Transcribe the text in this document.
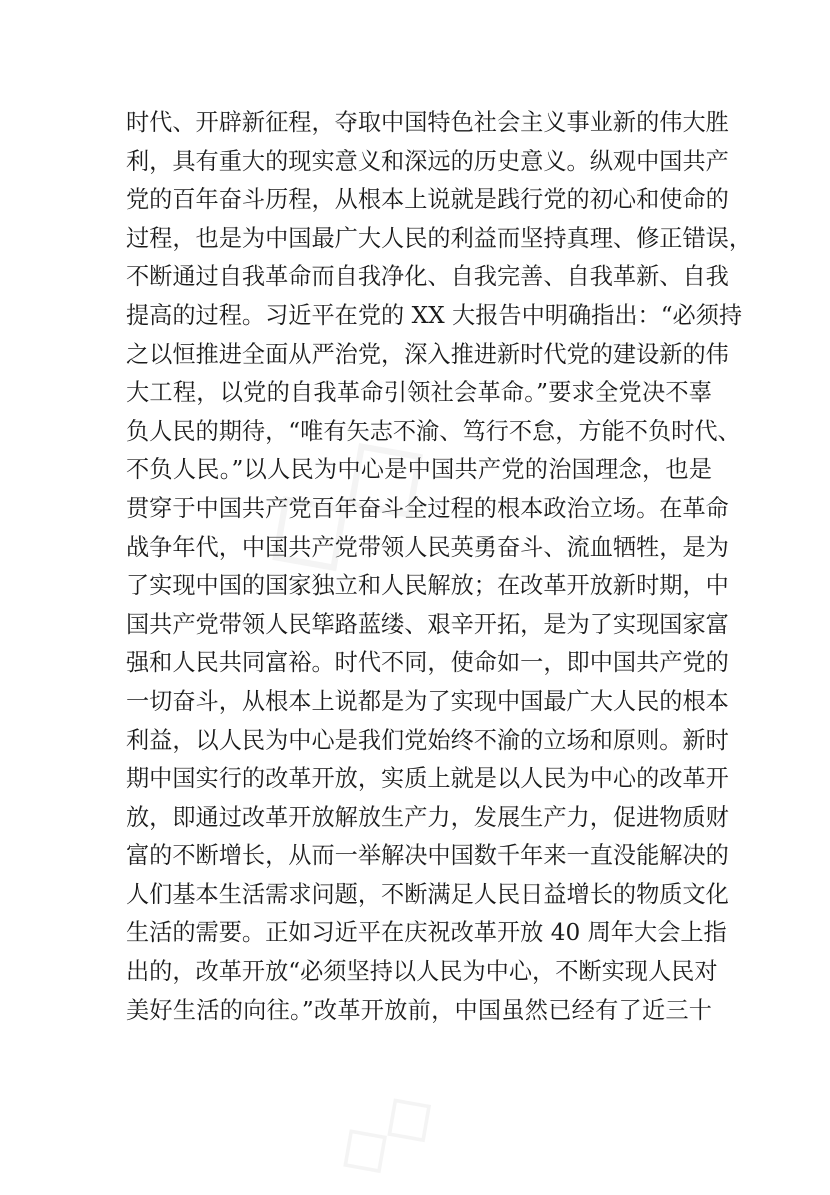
时代、开辟新征程，夺取中国特色社会主义事业新的伟大胜
利，具有重大的现实意义和深远的历史意义。纵观中国共产
党的百年奋斗历程，从根本上说就是践行党的初心和使命的
过程，也是为中国最广大人民的利益而坚持真理、修正错误，
不断通过自我革命而自我净化、自我完善、自我革新、自我
提高的过程。习近平在党的 XX 大报告中明确指出：“必须持
之以恒推进全面从严治党，深入推进新时代党的建设新的伟
大工程，以党的自我革命引领社会革命。”要求全党决不辜
负人民的期待，“唯有矢志不渝、笃行不怠，方能不负时代、
不负人民。”以人民为中心是中国共产党的治国理念，也是
贯穿于中国共产党百年奋斗全过程的根本政治立场。在革命
战争年代，中国共产党带领人民英勇奋斗、流血牺牲，是为
了实现中国的国家独立和人民解放；在改革开放新时期，中
国共产党带领人民筚路蓝缕、艰辛开拓，是为了实现国家富
强和人民共同富裕。时代不同，使命如一，即中国共产党的
一切奋斗，从根本上说都是为了实现中国最广大人民的根本
利益，以人民为中心是我们党始终不渝的立场和原则。新时
期中国实行的改革开放，实质上就是以人民为中心的改革开
放，即通过改革开放解放生产力，发展生产力，促进物质财
富的不断增长，从而一举解决中国数千年来一直没能解决的
人们基本生活需求问题，不断满足人民日益增长的物质文化
生活的需要。正如习近平在庆祝改革开放 40 周年大会上指
出的，改革开放“必须坚持以人民为中心，不断实现人民对
美好生活的向往。”改革开放前，中国虽然已经有了近三十
